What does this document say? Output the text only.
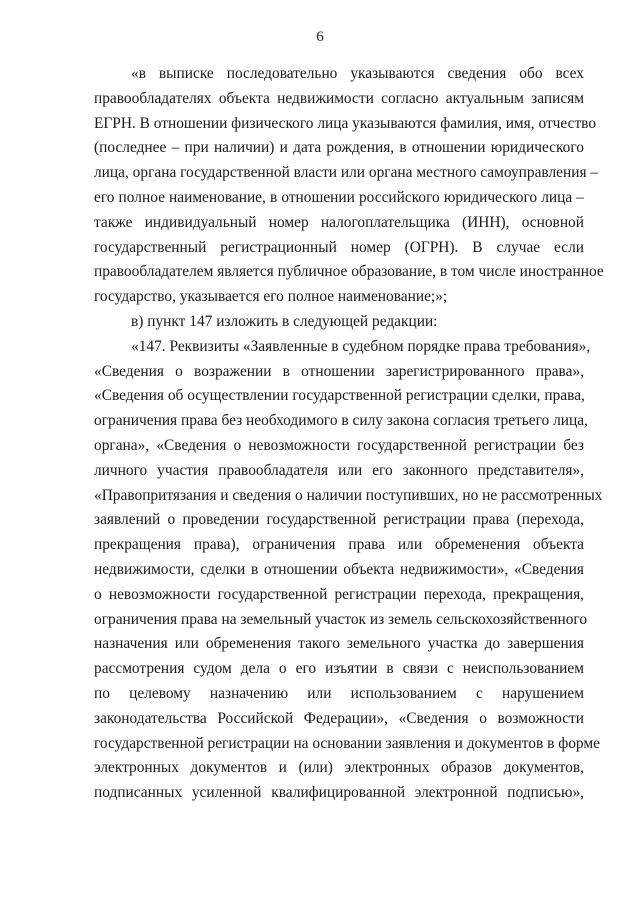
6
«в выписке последовательно указываются сведения обо всех
правообладателях объекта недвижимости согласно актуальным записям
ЕГРН. В отношении физического лица указываются фамилия, имя, отчество
(последнее – при наличии) и дата рождения, в отношении юридического
лица, органа государственной власти или органа местного самоуправления –
его полное наименование, в отношении российского юридического лица –
также индивидуальный номер налогоплательщика (ИНН), основной
государственный регистрационный номер (ОГРН). В случае если
правообладателем является публичное образование, в том числе иностранное
государство, указывается его полное наименование;»;
в) пункт 147 изложить в следующей редакции:
«147. Реквизиты «Заявленные в судебном порядке права требования»,
«Сведения о возражении в отношении зарегистрированного права»,
«Сведения об осуществлении государственной регистрации сделки, права,
ограничения права без необходимого в силу закона согласия третьего лица,
органа», «Сведения о невозможности государственной регистрации без
личного участия правообладателя или его законного представителя»,
«Правопритязания и сведения о наличии поступивших, но не рассмотренных
заявлений о проведении государственной регистрации права (перехода,
прекращения права), ограничения права или обременения объекта
недвижимости, сделки в отношении объекта недвижимости», «Сведения
о невозможности государственной регистрации перехода, прекращения,
ограничения права на земельный участок из земель сельскохозяйственного
назначения или обременения такого земельного участка до завершения
рассмотрения судом дела о его изъятии в связи с неиспользованием
по целевому назначению или использованием с нарушением
законодательства Российской Федерации», «Сведения о возможности
государственной регистрации на основании заявления и документов в форме
электронных документов и (или) электронных образов документов,
подписанных усиленной квалифицированной электронной подписью»,
